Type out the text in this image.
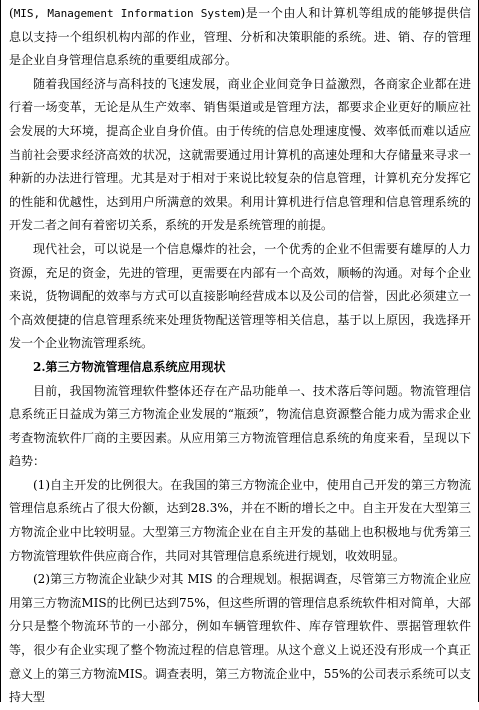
(MIS, Management Information System)是一个由人和计算机等组成的能够提供信息以支持一个组织机构内部的作业，管理、分析和决策职能的系统。进、销、存的管理是企业自身管理信息系统的重要组成部分。

随着我国经济与高科技的飞速发展，商业企业间竞争日益激烈，各商家企业都在进行着一场变革，无论是从生产效率、销售渠道或是管理方法，都要求企业更好的顺应社会发展的大环境，提高企业自身价值。由于传统的信息处理速度慢、效率低而难以适应当前社会要求经济高效的状况，这就需要通过用计算机的高速处理和大存储量来寻求一种新的办法进行管理。尤其是对于相对于来说比较复杂的信息管理，计算机充分发挥它的性能和优越性，达到用户所满意的效果。利用计算机进行信息管理和信息管理系统的开发二者之间有着密切关系，系统的开发是系统管理的前提。

现代社会，可以说是一个信息爆炸的社会，一个优秀的企业不但需要有雄厚的人力资源，充足的资金，先进的管理，更需要在内部有一个高效，顺畅的沟通。对每个企业来说，货物调配的效率与方式可以直接影响经营成本以及公司的信誉，因此必须建立一个高效便捷的信息管理系统来处理货物配送管理等相关信息，基于以上原因，我选择开发一个企业物流管理系统。

2.第三方物流管理信息系统应用现状

目前，我国物流管理软件整体还存在产品功能单一、技术落后等问题。物流管理信息系统正日益成为第三方物流企业发展的“瓶颈”，物流信息资源整合能力成为需求企业考查物流软件厂商的主要因素。从应用第三方物流管理信息系统的角度来看，呈现以下趋势：

(1)自主开发的比例很大。在我国的第三方物流企业中，使用自己开发的第三方物流管理信息系统占了很大份额，达到28.3%，并在不断的增长之中。自主开发在大型第三方物流企业中比较明显。大型第三方物流企业在自主开发的基础上也积极地与优秀第三方物流管理软件供应商合作，共同对其管理信息系统进行规划，收效明显。

(2)第三方物流企业缺少对其 MIS 的合理规划。根据调查，尽管第三方物流企业应用第三方物流MIS的比例已达到75%，但这些所谓的管理信息系统软件相对简单，大部分只是整个物流环节的一小部分，例如车辆管理软件、库存管理软件、票据管理软件等，很少有企业实现了整个物流过程的信息管理。从这个意义上说还没有形成一个真正意义上的第三方物流MIS。调查表明，第三方物流企业中，55%的公司表示系统可以支持大型
